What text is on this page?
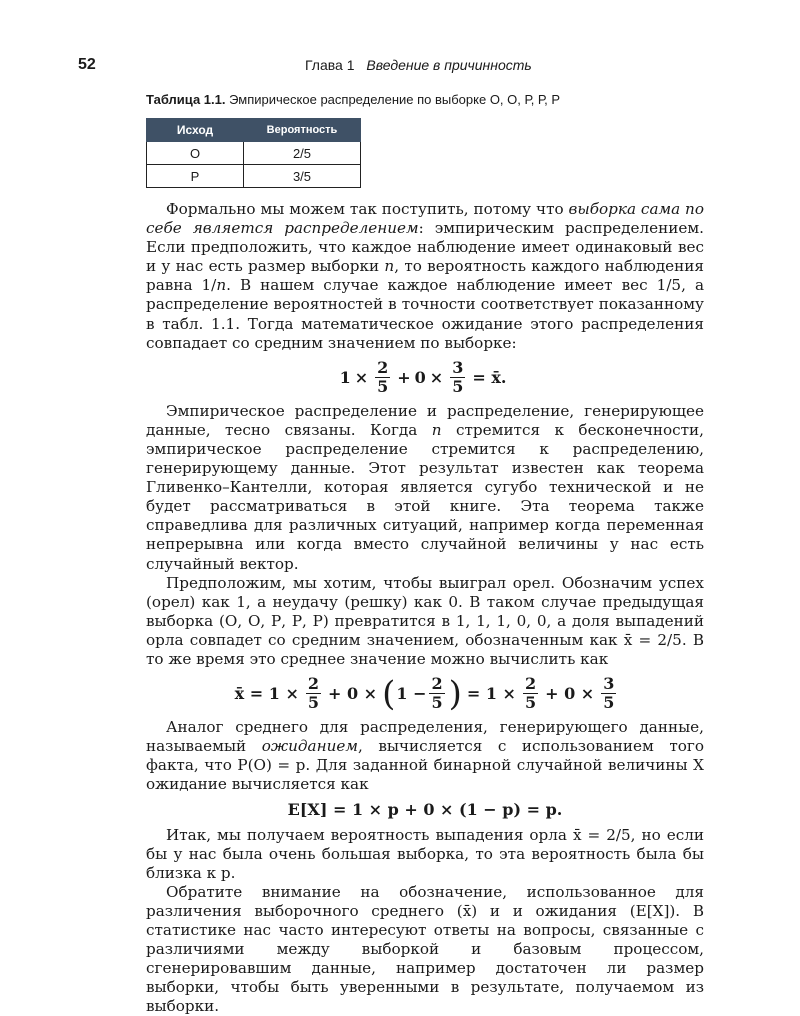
52	Глава 1 Введение в причинность
Таблица 1.1. Эмпирическое распределение по выборке О, О, Р, Р, Р
Исход	Вероятность
О	2/5
Р	3/5

Формально мы можем так поступить, потому что выборка сама по себе является распределением: эмпирическим распределением. Если предположить, что каждое наблюдение имеет одинаковый вес и у нас есть размер выборки n, то вероятность каждого наблюдения равна 1/n. В нашем случае каждое наблюдение имеет вес 1/5, а распределение вероятностей в точности соответствует показанному в табл. 1.1. Тогда математическое ожидание этого распределения совпадает со средним значением по выборке:

$1 \times \frac{2}{5} + 0 \times \frac{3}{5}$ = x̄.

Эмпирическое распределение и распределение, генерирующее данные, тесно связаны. Когда n стремится к бесконечности, эмпирическое распределение стремится к распределению, генерирующему данные. Этот результат известен как теорема Гливенко–Кантелли, которая является сугубо технической и не будет рассматриваться в этой книге. Эта теорема также справедлива для различных ситуаций, например когда переменная непрерывна или когда вместо случайной величины у нас есть случайный вектор.

Предположим, мы хотим, чтобы выиграл орел. Обозначим успех (орел) как 1, а неудачу (решку) как 0. В таком случае предыдущая выборка (О, О, Р, Р, Р) превратится в 1, 1, 1, 0, 0, а доля выпадений орла совпадет со средним значением, обозначенным как x̄ = 2/5. В то же время это среднее значение можно вычислить как

x̄ = $1 \times \frac{2}{5} + 0$ × ( $1 - \frac{2}{5}$ ) = $1 \times \frac{2}{5} + 0 \times \frac{3}{5}$

Аналог среднего для распределения, генерирующего данные, называемый ожиданием, вычисляется с использованием того факта, что P(O) = p. Для заданной бинарной случайной величины X ожидание вычисляется как

E[X] = 1 × p + 0 × (1 − p) = p.

Итак, мы получаем вероятность выпадения орла x̄ = 2/5, но если бы у нас была очень большая выборка, то эта вероятность была бы близка к p.

Обратите внимание на обозначение, использованное для различения выборочного среднего (x̄) и и ожидания (E[X]). В статистике нас часто интересуют ответы на вопросы, связанные с различиями между выборкой и базовым процессом, сгенерировавшим данные, например достаточен ли размер выборки, чтобы быть уверенными в результате, получаемом из выборки.
